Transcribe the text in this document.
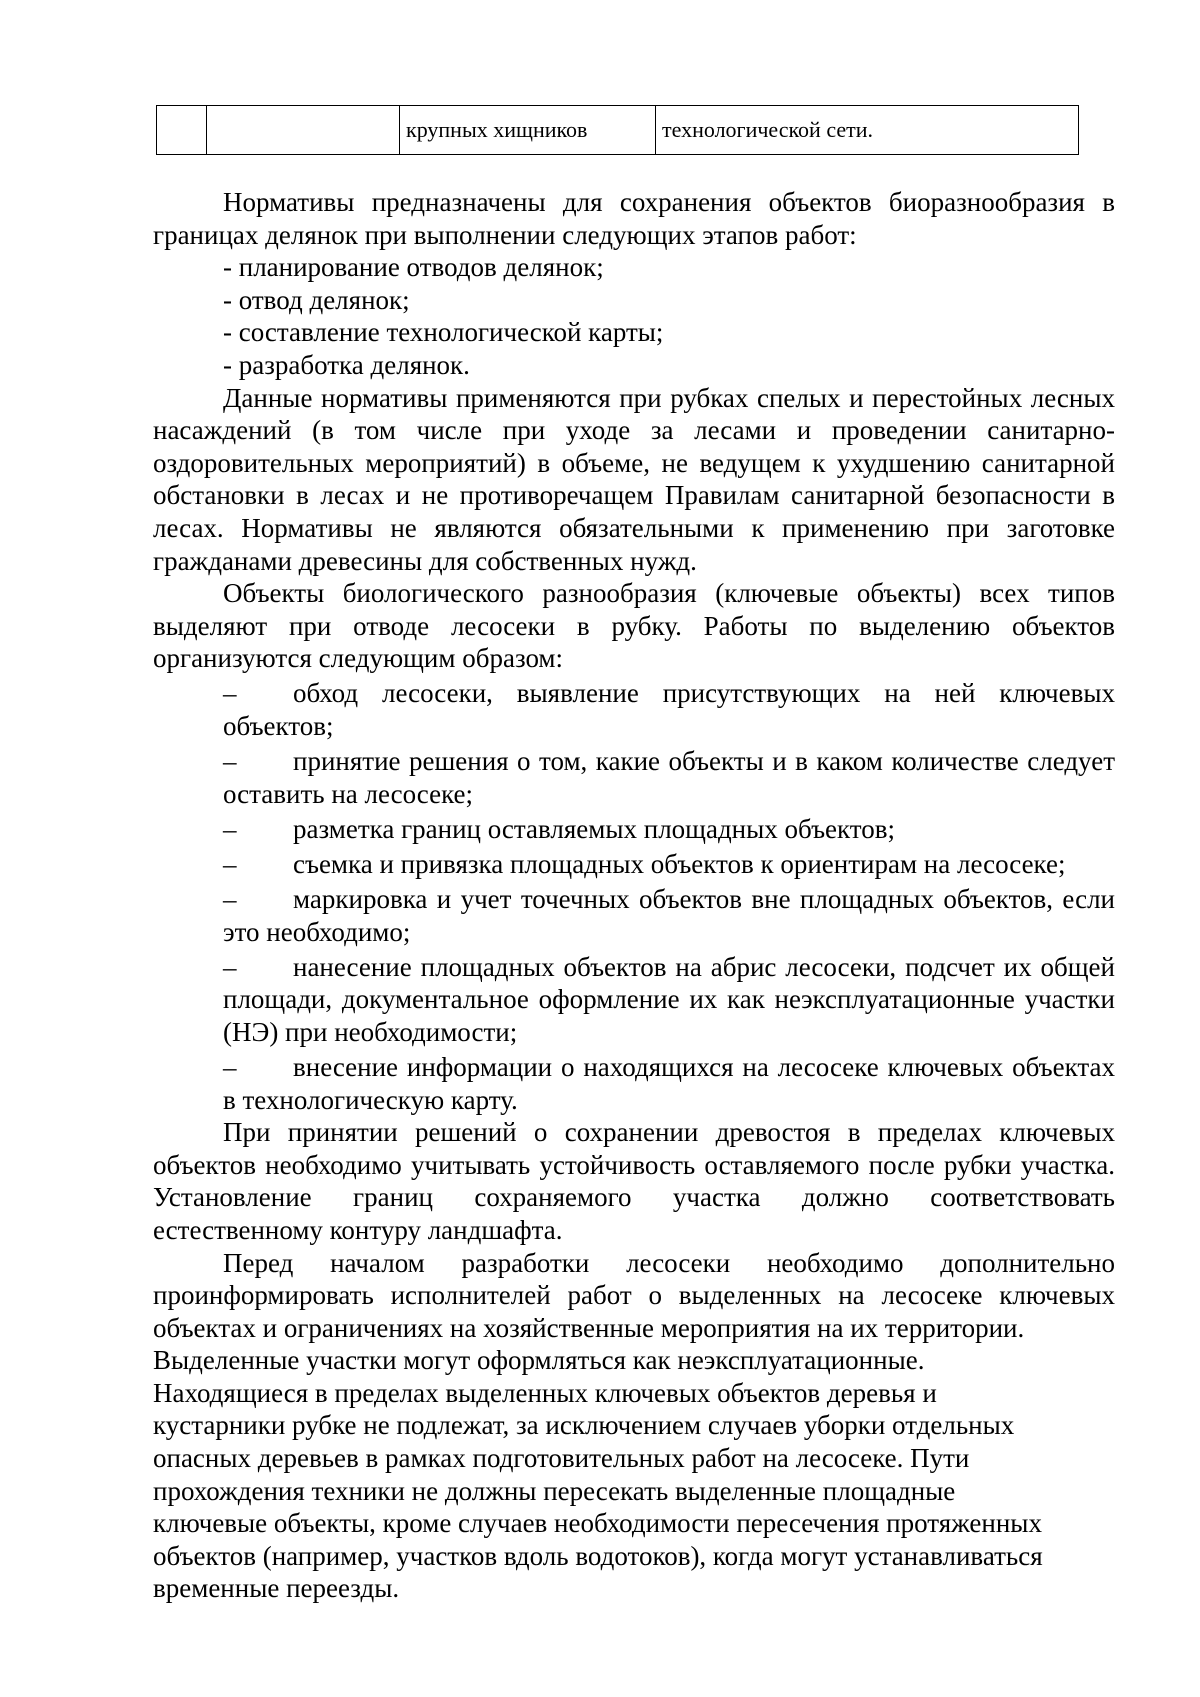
		крупных хищников	технологической сети.

Нормативы предназначены для сохранения объектов биоразнообразия в границах делянок при выполнении следующих этапов работ:

- планирование отводов делянок;

- отвод делянок;

- составление технологической карты;

- разработка делянок.

Данные нормативы применяются при рубках спелых и перестойных лесных насаждений (в том числе при уходе за лесами и проведении санитарно-оздоровительных мероприятий) в объеме, не ведущем к ухудшению санитарной обстановки в лесах и не противоречащем Правилам санитарной безопасности в лесах. Нормативы не являются обязательными к применению при заготовке гражданами древесины для собственных нужд.

Объекты биологического разнообразия (ключевые объекты) всех типов выделяют при отводе лесосеки в рубку. Работы по выделению объектов организуются следующим образом:

–	обход лесосеки, выявление присутствующих на ней ключевых объектов;
–	принятие решения о том, какие объекты и в каком количестве следует оставить на лесосеке;
–	разметка границ оставляемых площадных объектов;
–	съемка и привязка площадных объектов к ориентирам на лесосеке;
–	маркировка и учет точечных объектов вне площадных объектов, если это необходимо;
–	нанесение площадных объектов на абрис лесосеки, подсчет их общей площади, документальное оформление их как неэксплуатационные участки (НЭ) при необходимости;
–	внесение информации о находящихся на лесосеке ключевых объектах в технологическую карту.

При принятии решений о сохранении древостоя в пределах ключевых объектов необходимо учитывать устойчивость оставляемого после рубки участка. Установление границ сохраняемого участка должно соответствовать естественному контуру ландшафта.

Перед началом разработки лесосеки необходимо дополнительно проинформировать исполнителей работ о выделенных на лесосеке ключевых объектах и ограничениях на хозяйственные мероприятия на их территории.

Выделенные участки могут оформляться как неэксплуатационные.

Находящиеся в пределах выделенных ключевых объектов деревья и

кустарники рубке не подлежат, за исключением случаев уборки отдельных

опасных деревьев в рамках подготовительных работ на лесосеке. Пути

прохождения техники не должны пересекать выделенные площадные

ключевые объекты, кроме случаев необходимости пересечения протяженных

объектов (например, участков вдоль водотоков), когда могут устанавливаться

временные переезды.
